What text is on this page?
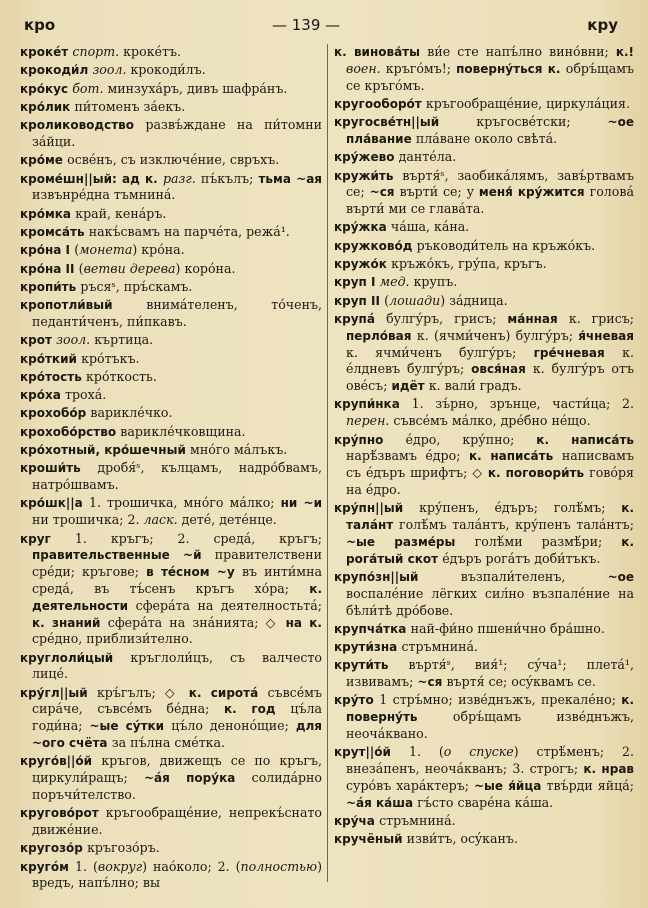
кро	— 139 —	кру

крокéт спорт. крокéтъ.

крокоди́л зоол. крокоди́лъ.

кро́кус бот. минзухáръ, дивъ шафрáнъ.

кро́лик пи́томенъ зáекъ.

кролиководство развъ́ждане на пи́томни зáйци.

кро́ме освéнъ, съ изключéние, свръхъ.

кроме́шн||ый: ад к. разг. пъ́кълъ; тьма ~ая извънрéдна тъмнинá.

кро́мка край, кенáръ.

кромса́ть накъ́свамъ на парчéта, режá¹.

кро́на I (монета) кро́на.

кро́на II (ветви дерева) коро́на.

кропи́ть ръсяˢ, пръ́скамъ.

кропотли́вый внимáтеленъ, то́ченъ, педанти́ченъ, пи́пкавъ.

крот зоол. къртица.

кро́ткий кро́тъкъ.

кро́тость кро́ткость.

кро́ха трохá.

крохобо́р вариклéчко.

крохобо́рство варикле́чковщина.

кро́хотный, кро́шечный мно́го мáлъкъ.

кроши́ть дробя́ˢ, кълцамъ, надро́бвамъ, натро́швамъ.

кро́шк||а 1. трошичка, мно́го мáлко; ни ~и ни трошичка; 2. ласк. детé, детéнце.

круг 1. кръгъ; 2. средá, кръгъ; правительственные ~й правителствени срéди; кръгове; в тéсном ~у въ инти́мна средá, въ тъ́сенъ кръгъ хо́ра; к. деятельности сферáта на деятелностьтá; к. знаний сферáта на знáнията; ◇ на к. срéдно, приблизи́телно.

круглоли́цый кръглоли́цъ, съ валчесто лицé.

кру́гл||ый кръ́гълъ; ◇ к. сиротá съвсéмъ сирáче, съвсéмъ бéдна; к. год цъ́ла годи́на; ~ые сýтки цъ́ло денонóщие; для ~ого счёта за пъ́лна смéтка.

круго́в||о́й кръгов, движещъ се по кръгъ, циркули́ращъ; ~áя пору́ка солидáрно поръчи́телство.

кругово́рот кръгообращéние, непрекъ́снато движéние.

кругозо́р кръгозо́ръ.

кругóм 1. (вокруг) наóколо; 2. (полностью) вредъ, напъ́лно; вы

к. винова́ты ви́е сте напъ́лно вино́вни; к.! воен. кръгóмъ!; поверну́ться к. обръ́щамъ се кръгóмъ.

кругооборо́т кръгообращéние, циркулáция.

кругосве́тн||ый кръгосвéтски; ~ое пла́вание плáване около свѣтá.

кру́жево дантéла.

кружи́ть въртя́ˢ, заобикáлямъ, завъ́ртвамъ се; ~ся върти́ се; у меня́ кру́жится головá върти́ ми се главáта.

кру́жка чáша, кáна.

кружково́д ръководи́тель на кръжо́къ.

кружо́к кръжо́къ, гру́па, кръгъ.

круп I мед. крупъ.

круп II (лошади) зáдница.

крупá булгу́ръ, грисъ; ма́нная к. грисъ; перло́вая к. (ячми́ченъ) булгу́ръ; я́чневая к. ячми́ченъ булгу́ръ; гре́чневая к. éлдневъ булгу́ръ; овся́ная к. булгу́ръ отъ овéсъ; идёт к. вали́ градъ.

крупи́нка 1. зъ́рно, зрънце, части́ца; 2. перен. съвсéмъ мáлко, дрéбно нéщо.

кру́пно éдро, кру́пно; к. написа́ть нарѣ́звамъ éдро; к. написа́ть написвамъ съ éдъръ шрифтъ; ◇ к. поговори́ть говóря на éдро.

кру́пн||ый кру́пенъ, éдъръ; голѣ́мъ; к. талáнт голѣ́мъ талáнтъ, кру́пенъ талáнтъ; ~ые разме́ры голѣ́ми размѣ́ри; к. рога́тый скот éдъръ рогáтъ доби́тъкъ.

крупо́зн||ый възпали́теленъ, ~ое воспалéние лёгких сил́но възпалéние на бѣли́тѣ дро́бове.

крупча́тка най-фи́но пшени́чно бра́шно.

крути́зна стръмнинá.

крути́ть въртя́ˢ, вия́¹; сýча¹; плетá¹, извивамъ; ~ся въртя́ се; осýквамъ се.

кру́то 1 стръ́мно; изве́днъжъ, прекалéно; к. поверну́ть обръ́щамъ изве́днъжъ, неочáквано.

крут||о́й 1. (о спуске) стрѣ́менъ; 2. внезáпенъ, неочáкванъ; 3. строгъ; к. нрав суро́въ харáктеръ; ~ые я́йца твъ́рди яйцá; ~áя ка́ша гъ́сто сварéна кáша.

кру́ча стръмнинá.

кручёный изви́тъ, осýканъ.
